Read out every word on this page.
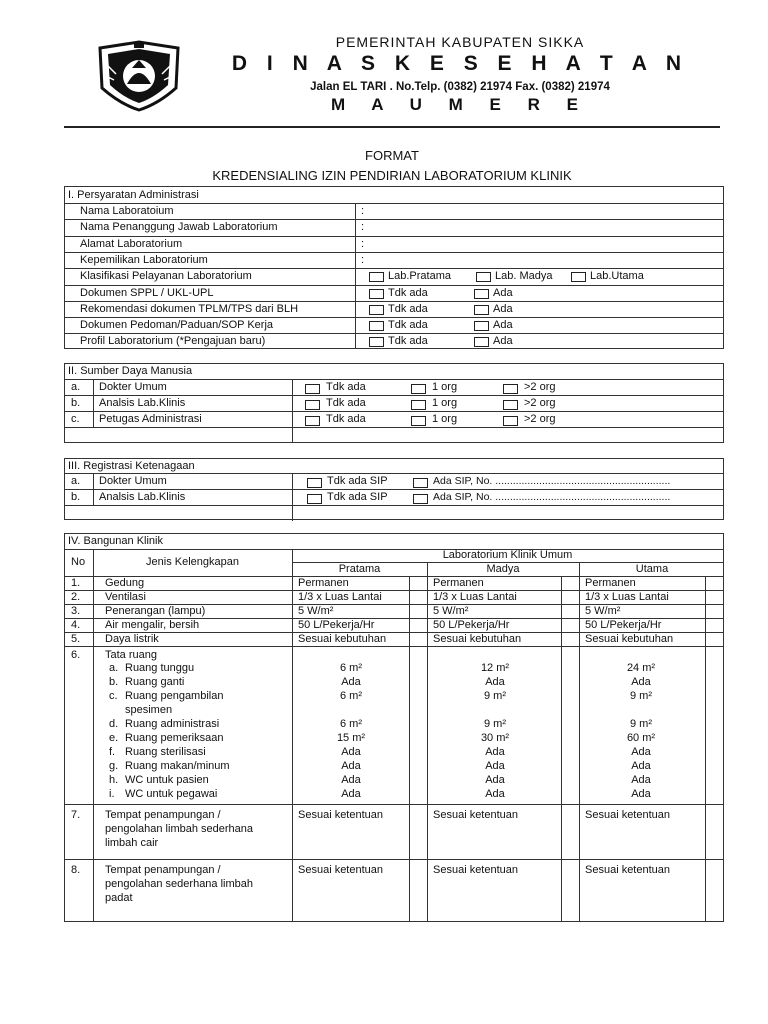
PEMERINTAH KABUPATEN SIKKA
D I N A S K E S E H A T A N
Jalan EL TARI . No.Telp. (0382) 21974 Fax. (0382) 21974
M A U M E R E
FORMAT
KREDENSIALING IZIN PENDIRIAN LABORATORIUM KLINIK
I. Persyaratan Administrasi
Nama Laboratoium	:
Nama Penanggung Jawab Laboratorium	:
Alamat Laboratorium	:
Kepemilikan Laboratorium	:
Klasifikasi Pelayanan Laboratorium	Lab.Pratama	Lab. Madya	Lab.Utama
Dokumen SPPL / UKL-UPL	Tdk ada	Ada
Rekomendasi dokumen TPLM/TPS dari BLH	Tdk ada	Ada
Dokumen Pedoman/Paduan/SOP Kerja	Tdk ada	Ada
Profil Laboratorium (*Pengajuan baru)	Tdk ada	Ada
II. Sumber Daya Manusia
a. Dokter Umum	Tdk ada	1 org	>2 org
b. Analsis Lab.Klinis	Tdk ada	1 org	>2 org
c. Petugas Administrasi	Tdk ada	1 org	>2 org
III. Registrasi Ketenagaan
a. Dokter Umum	Tdk ada SIP	Ada SIP, No. ............................................................
b. Analsis Lab.Klinis	Tdk ada SIP	Ada SIP, No. ............................................................
IV. Bangunan Klinik
No	Jenis Kelengkapan
Laboratorium Klinik Umum
Pratama	Madya	Utama
1. Gedung	Permanen	Permanen	Permanen
2. Ventilasi	1/3 x Luas Lantai	1/3 x Luas Lantai	1/3 x Luas Lantai
3. Penerangan (lampu)	5 W/m²	5 W/m²	5 W/m²
4. Air mengalir, bersih	50 L/Pekerja/Hr	50 L/Pekerja/Hr	50 L/Pekerja/Hr
5. Daya listrik	Sesuai kebutuhan	Sesuai kebutuhan	Sesuai kebutuhan
6. Tata ruang
a. Ruang tunggu	6 m²	12 m²	24 m²
b. Ruang ganti	Ada	Ada	Ada
c. Ruang pengambilan	6 m²	9 m²	9 m²
spesimen
d. Ruang administrasi	6 m²	9 m²	9 m²
e. Ruang pemeriksaan	15 m²	30 m²	60 m²
f. Ruang sterilisasi	Ada	Ada	Ada
g. Ruang makan/minum	Ada	Ada	Ada
h. WC untuk pasien	Ada	Ada	Ada
i. WC untuk pegawai	Ada	Ada	Ada
7. Tempat penampungan /
pengolahan limbah sederhana
limbah cair
Sesuai ketentuan	Sesuai ketentuan	Sesuai ketentuan
8. Tempat penampungan /
pengolahan sederhana limbah
padat
Sesuai ketentuan	Sesuai ketentuan	Sesuai ketentuan
